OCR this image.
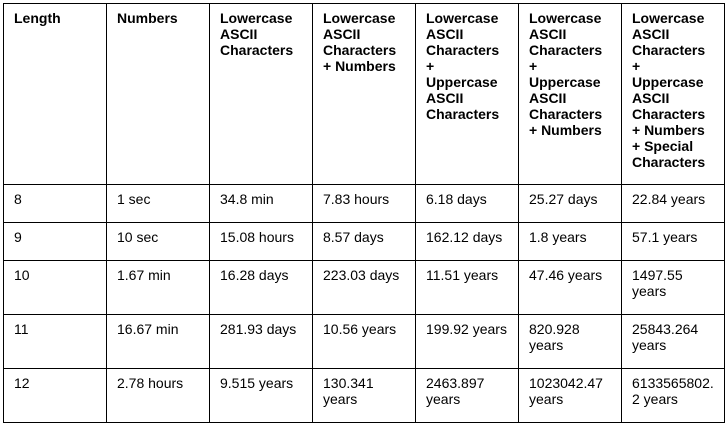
Length	Numbers	Lowercase ASCII Characters	Lowercase ASCII Characters + Numbers	Lowercase ASCII Characters + Uppercase ASCII Characters	Lowercase ASCII Characters + Uppercase ASCII Characters + Numbers	Lowercase ASCII Characters + Uppercase ASCII Characters + Numbers + Special Characters
8	1 sec	34.8 min	7.83 hours	6.18 days	25.27 days	22.84 years
9	10 sec	15.08 hours	8.57 days	162.12 days	1.8 years	57.1 years
10	1.67 min	16.28 days	223.03 days	11.51 years	47.46 years	1497.55 years
11	16.67 min	281.93 days	10.56 years	199.92 years	820.928 years	25843.264 years
12	2.78 hours	9.515 years	130.341 years	2463.897 years	1023042.47 years	6133565802.2 years
